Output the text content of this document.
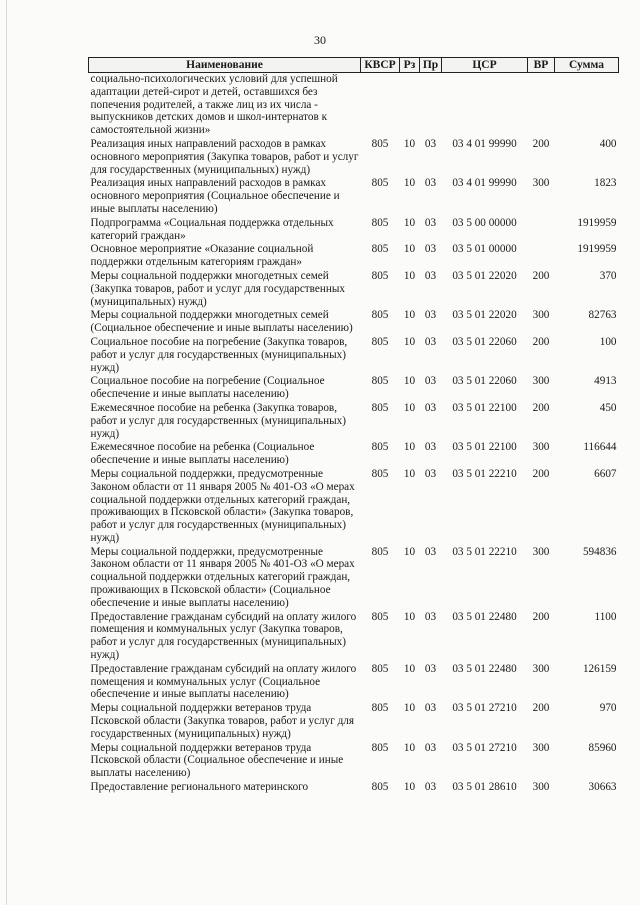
30
Наименование	КВСР	Рз	Пр	ЦСР	ВР	Сумма
социально-психологических условий для успешной адаптации детей-сирот и детей, оставшихся без попечения родителей, а также лиц из их числа - выпускников детских домов и школ-интернатов к самостоятельной жизни»						
Реализация иных направлений расходов в рамках основного мероприятия (Закупка товаров, работ и услуг для государственных (муниципальных) нужд)	805	10	03	03 4 01 99990	200	400
Реализация иных направлений расходов в рамках основного мероприятия (Социальное обеспечение и иные выплаты населению)	805	10	03	03 4 01 99990	300	1823
Подпрограмма «Социальная поддержка отдельных категорий граждан»	805	10	03	03 5 00 00000		1919959
Основное мероприятие «Оказание социальной поддержки отдельным категориям граждан»	805	10	03	03 5 01 00000		1919959
Меры социальной поддержки многодетных семей (Закупка товаров, работ и услуг для государственных (муниципальных) нужд)	805	10	03	03 5 01 22020	200	370
Меры социальной поддержки многодетных семей (Социальное обеспечение и иные выплаты населению)	805	10	03	03 5 01 22020	300	82763
Социальное пособие на погребение (Закупка товаров, работ и услуг для государственных (муниципальных) нужд)	805	10	03	03 5 01 22060	200	100
Социальное пособие на погребение (Социальное обеспечение и иные выплаты населению)	805	10	03	03 5 01 22060	300	4913
Ежемесячное пособие на ребенка (Закупка товаров, работ и услуг для государственных (муниципальных) нужд)	805	10	03	03 5 01 22100	200	450
Ежемесячное пособие на ребенка (Социальное обеспечение и иные выплаты населению)	805	10	03	03 5 01 22100	300	116644
Меры социальной поддержки, предусмотренные Законом области от 11 января 2005 № 401-ОЗ «О мерах социальной поддержки отдельных категорий граждан, проживающих в Псковской области» (Закупка товаров, работ и услуг для государственных (муниципальных) нужд)	805	10	03	03 5 01 22210	200	6607
Меры социальной поддержки, предусмотренные Законом области от 11 января 2005 № 401-ОЗ «О мерах социальной поддержки отдельных категорий граждан, проживающих в Псковской области» (Социальное обеспечение и иные выплаты населению)	805	10	03	03 5 01 22210	300	594836
Предоставление гражданам субсидий на оплату жилого помещения и коммунальных услуг (Закупка товаров, работ и услуг для государственных (муниципальных) нужд)	805	10	03	03 5 01 22480	200	1100
Предоставление гражданам субсидий на оплату жилого помещения и коммунальных услуг (Социальное обеспечение и иные выплаты населению)	805	10	03	03 5 01 22480	300	126159
Меры социальной поддержки ветеранов труда Псковской области (Закупка товаров, работ и услуг для государственных (муниципальных) нужд)	805	10	03	03 5 01 27210	200	970
Меры социальной поддержки ветеранов труда Псковской области (Социальное обеспечение и иные выплаты населению)	805	10	03	03 5 01 27210	300	85960
Предоставление регионального материнского	805	10	03	03 5 01 28610	300	30663
